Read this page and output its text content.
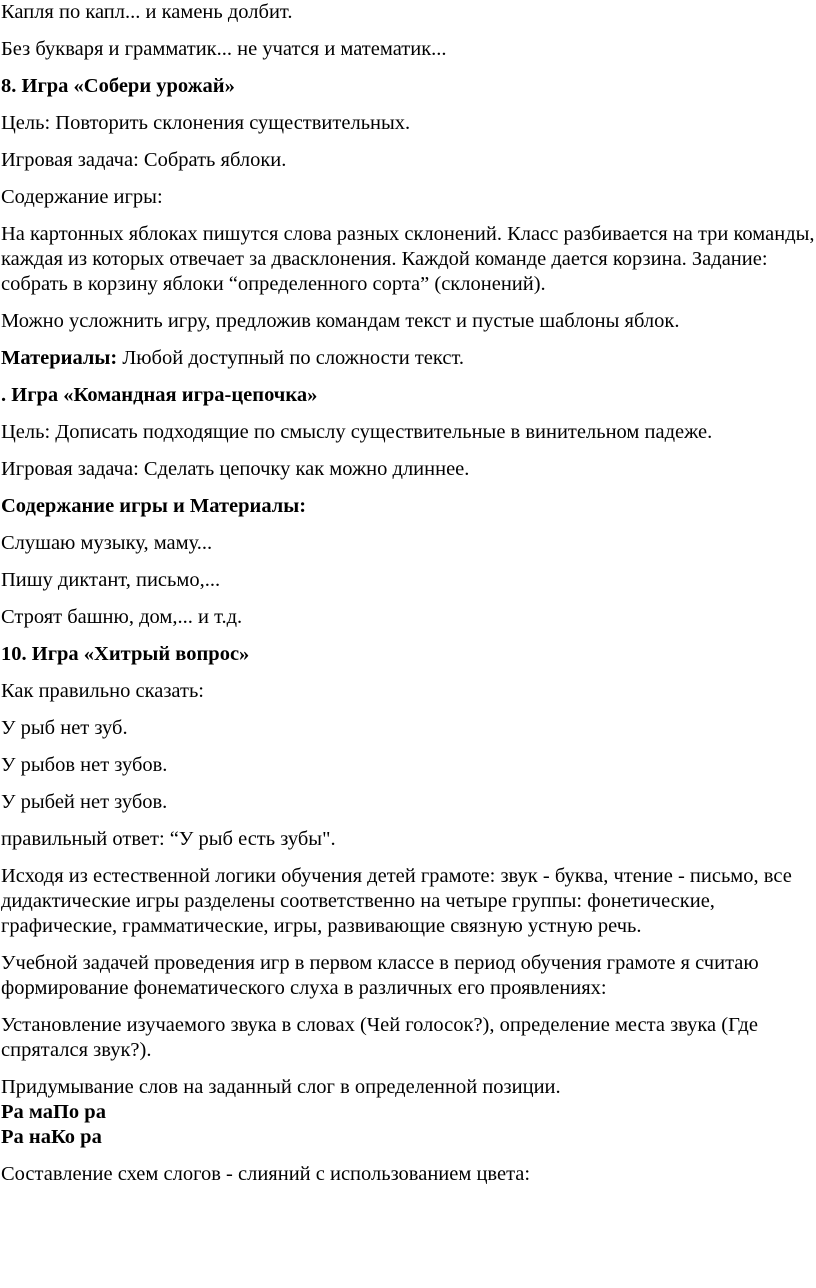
Капля по капл... и камень долбит.

Без букваря и грамматик... не учатся и математик...

8. Игра «Собери урожай»

Цель: Повторить склонения существительных.

Игровая задача: Собрать яблоки.

Содержание игры:

На картонных яблоках пишутся слова разных склонений. Класс разбивается на три команды, каждая из которых отвечает за двасклонения. Каждой команде дается корзина. Задание: собрать в корзину яблоки “определенного сорта” (склонений).

Можно усложнить игру, предложив командам текст и пустые шаблоны яблок.

Материалы: Любой доступный по сложности текст.

. Игра «Командная игра-цепочка»

Цель: Дописать подходящие по смыслу существительные в винительном падеже.

Игровая задача: Сделать цепочку как можно длиннее.

Содержание игры и Материалы:

Слушаю музыку, маму...

Пишу диктант, письмо,...

Строят башню, дом,... и т.д.

10. Игра «Хитрый вопрос»

Как правильно сказать:

У рыб нет зуб.

У рыбов нет зубов.

У рыбей нет зубов.

правильный ответ: “У рыб есть зубы".

Исходя из естественной логики обучения детей грамоте: звук - буква, чтение - письмо, все дидактические игры разделены соответственно на четыре группы: фонетические, графические, грамматические, игры, развивающие связную устную речь.

Учебной задачей проведения игр в первом классе в период обучения грамоте я считаю формирование фонематического слуха в различных его проявлениях:

Установление изучаемого звука в словах (Чей голосок?), определение места звука (Где спрятался звук?).

Придумывание слов на заданный слог в определенной позиции.

Ра маПо ра

Ра наКо ра

Составление схем слогов - слияний с использованием цвета:
